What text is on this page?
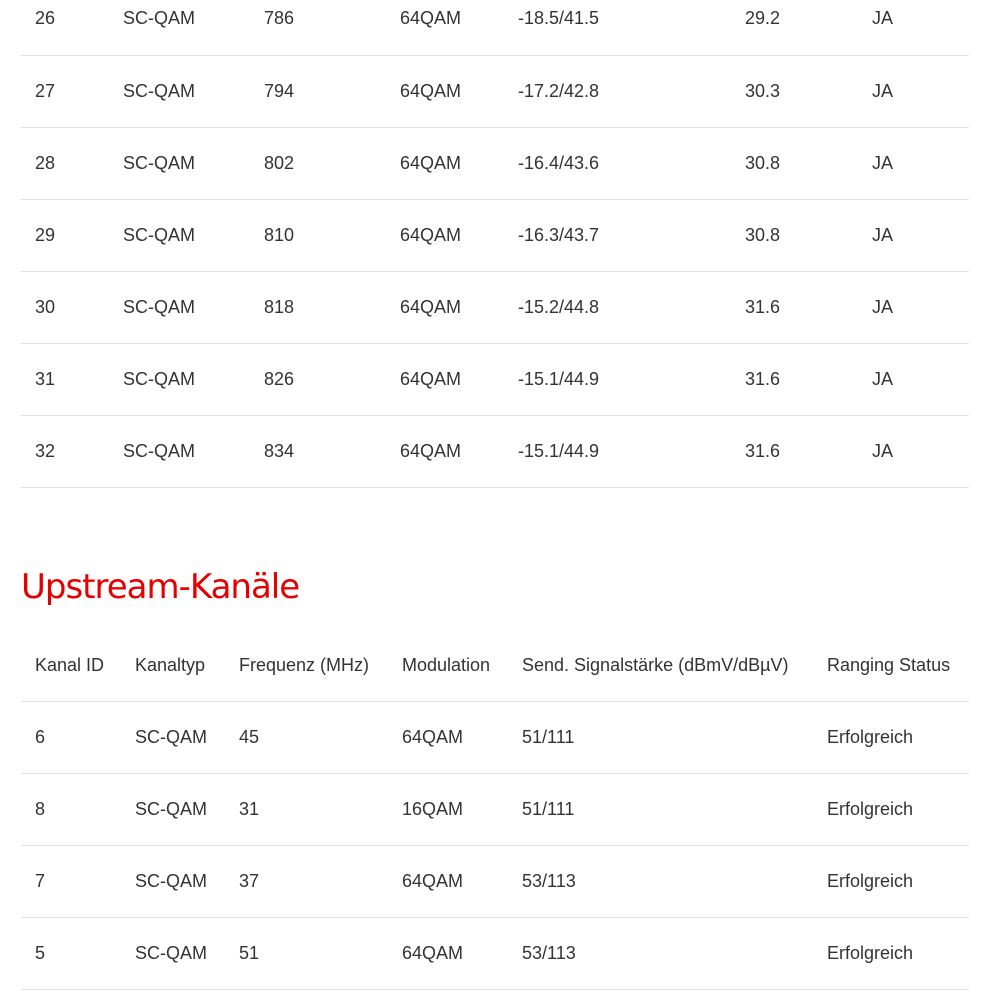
26	SC-QAM	786	64QAM	-18.5/41.5	29.2	JA
27	SC-QAM	794	64QAM	-17.2/42.8	30.3	JA
28	SC-QAM	802	64QAM	-16.4/43.6	30.8	JA
29	SC-QAM	810	64QAM	-16.3/43.7	30.8	JA
30	SC-QAM	818	64QAM	-15.2/44.8	31.6	JA
31	SC-QAM	826	64QAM	-15.1/44.9	31.6	JA
32	SC-QAM	834	64QAM	-15.1/44.9	31.6	JA
Upstream-Kanäle
Kanal ID	Kanaltyp	Frequenz (MHz)	Modulation	Send. Signalstärke (dBmV/dBµV)	Ranging Status
6	SC-QAM	45	64QAM	51/111	Erfolgreich
8	SC-QAM	31	16QAM	51/111	Erfolgreich
7	SC-QAM	37	64QAM	53/113	Erfolgreich
5	SC-QAM	51	64QAM	53/113	Erfolgreich
